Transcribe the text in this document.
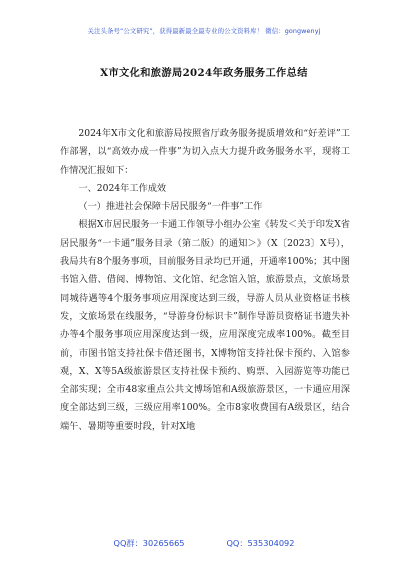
关注头条号“公文研究”，获得最新最全最专业的公文资料库！ 微信：gongwenyj
X市文化和旅游局2024年政务服务工作总结

2024年X市文化和旅游局按照省厅政务服务提质增效和“好差评”工作部署，以“高效办成一件事”为切入点大力提升政务服务水平，现将工作情况汇报如下：

一、2024年工作成效

（一）推进社会保障卡居民服务“一件事”工作

根据X市居民服务一卡通工作领导小组办公室《转发＜关于印发X省居民服务“一卡通”服务目录（第二版）的通知＞》（X〔2023〕X号），我局共有8个服务事项，目前服务目录均已开通，开通率100%；其中图书馆入借、借阅、博物馆、文化馆、纪念馆入馆，旅游景点，文旅场景同城待遇等4个服务事项应用深度达到三级，导游人员从业资格证书核发，文旅场景在线服务，“导游身份标识卡”制作导游员资格证书遗失补办等4个服务事项应用深度达到一级，应用深度完成率100%。截至目前，市图书馆支持社保卡借还图书，X博物馆支持社保卡预约、入馆参观，X、X等5A级旅游景区支持社保卡预约、购票、入园游览等功能已全部实现；全市48家重点公共文博场馆和A级旅游景区，一卡通应用深度全部达到三级，三级应用率100%。全市8家收费国有A级景区，结合端午、暑期等重要时段，针对X地

QQ群：30265665	QQ：535304092
